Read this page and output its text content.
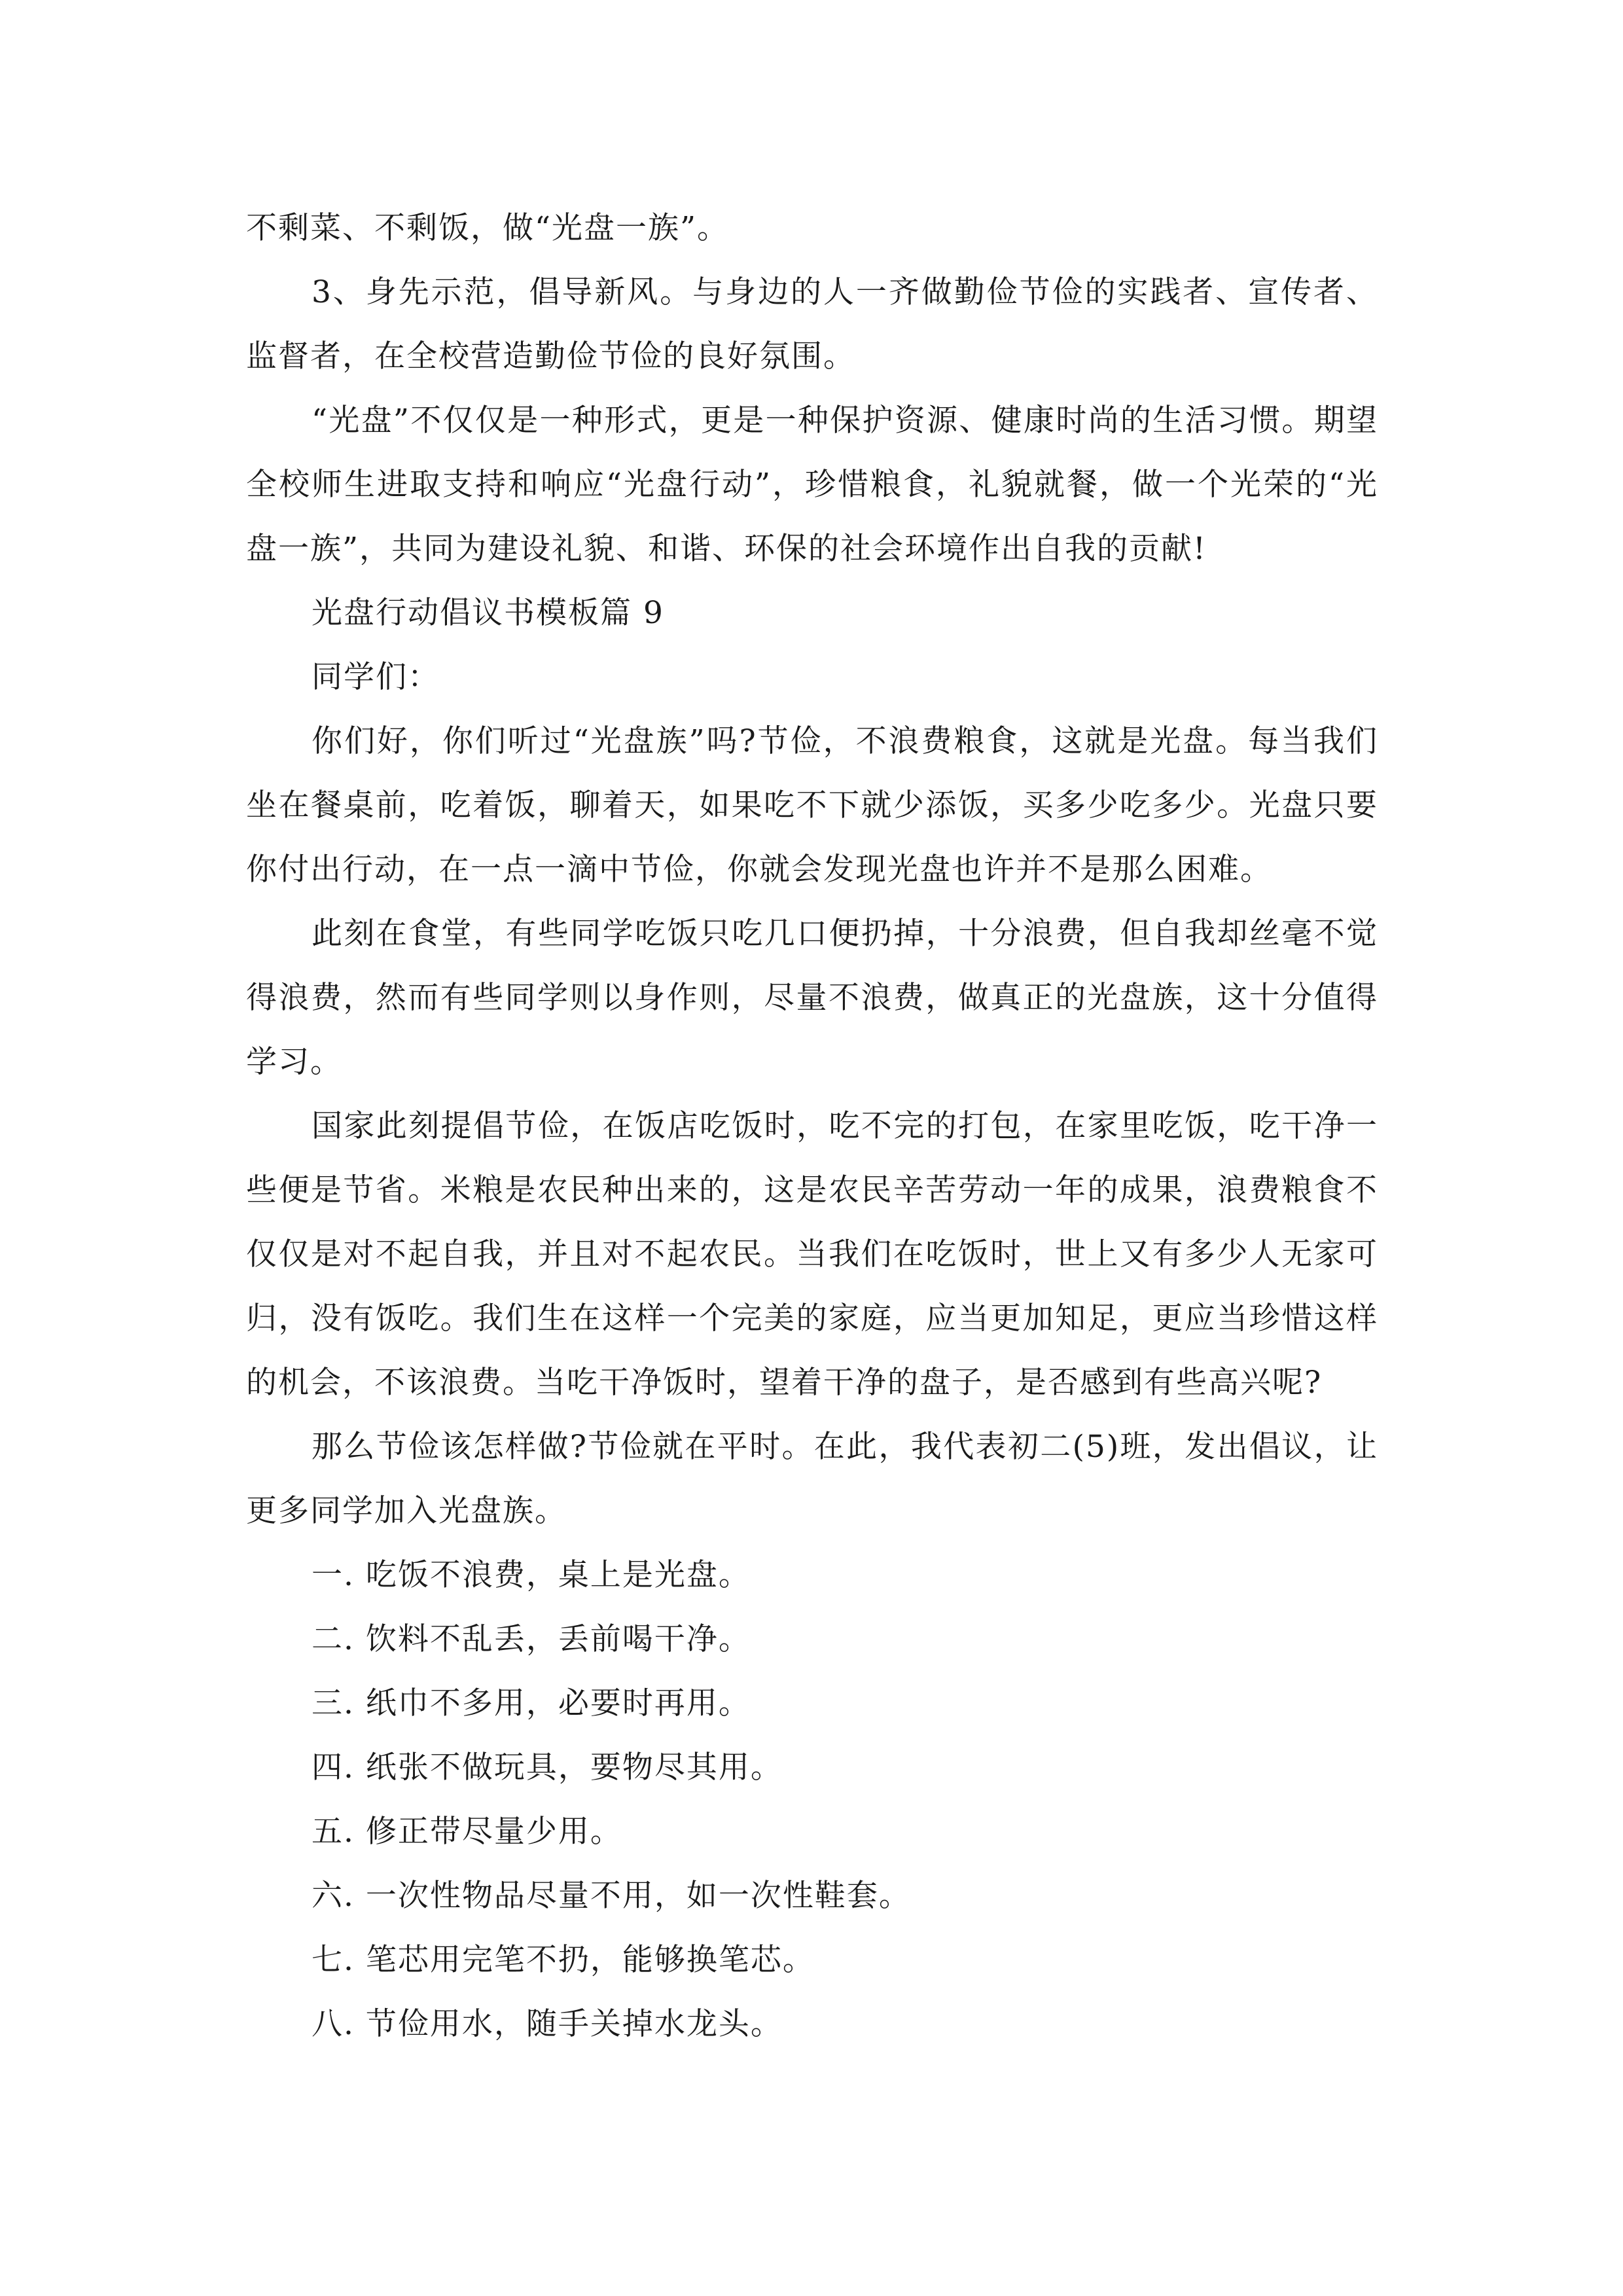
不剩菜、不剩饭，做“光盘一族”。

3、身先示范，倡导新风。与身边的人一齐做勤俭节俭的实践者、宣传者、监督者，在全校营造勤俭节俭的良好氛围。

“光盘”不仅仅是一种形式，更是一种保护资源、健康时尚的生活习惯。期望全校师生进取支持和响应“光盘行动”，珍惜粮食，礼貌就餐，做一个光荣的“光盘一族”，共同为建设礼貌、和谐、环保的社会环境作出自我的贡献!

光盘行动倡议书模板篇 9

同学们：

你们好，你们听过“光盘族”吗?节俭，不浪费粮食，这就是光盘。每当我们坐在餐桌前，吃着饭，聊着天，如果吃不下就少添饭，买多少吃多少。光盘只要你付出行动，在一点一滴中节俭，你就会发现光盘也许并不是那么困难。

此刻在食堂，有些同学吃饭只吃几口便扔掉，十分浪费，但自我却丝毫不觉得浪费，然而有些同学则以身作则，尽量不浪费，做真正的光盘族，这十分值得学习。

国家此刻提倡节俭，在饭店吃饭时，吃不完的打包，在家里吃饭，吃干净一些便是节省。米粮是农民种出来的，这是农民辛苦劳动一年的成果，浪费粮食不仅仅是对不起自我，并且对不起农民。当我们在吃饭时，世上又有多少人无家可归，没有饭吃。我们生在这样一个完美的家庭，应当更加知足，更应当珍惜这样的机会，不该浪费。当吃干净饭时，望着干净的盘子，是否感到有些高兴呢?

那么节俭该怎样做?节俭就在平时。在此，我代表初二(5)班，发出倡议，让更多同学加入光盘族。

一. 吃饭不浪费，桌上是光盘。

二. 饮料不乱丢，丢前喝干净。

三. 纸巾不多用，必要时再用。

四. 纸张不做玩具，要物尽其用。

五. 修正带尽量少用。

六. 一次性物品尽量不用，如一次性鞋套。

七. 笔芯用完笔不扔，能够换笔芯。

八. 节俭用水，随手关掉水龙头。
